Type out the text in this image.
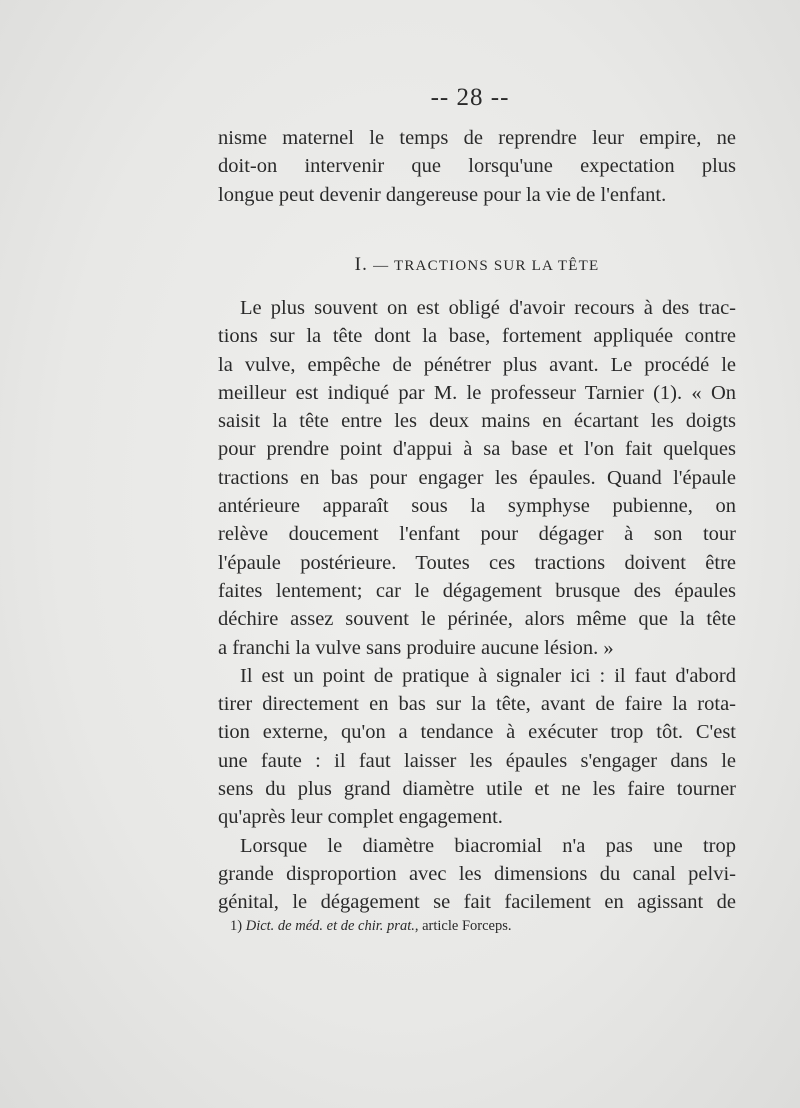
-- 28 --
nisme maternel le temps de reprendre leur empire, ne
doit-on intervenir que lorsqu'une expectation plus
longue peut devenir dangereuse pour la vie de l'enfant.
I. — TRACTIONS SUR LA TÊTE
Le plus souvent on est obligé d'avoir recours à des trac-
tions sur la tête dont la base, fortement appliquée contre
la vulve, empêche de pénétrer plus avant. Le procédé le
meilleur est indiqué par M. le professeur Tarnier (1). « On
saisit la tête entre les deux mains en écartant les doigts
pour prendre point d'appui à sa base et l'on fait quelques
tractions en bas pour engager les épaules. Quand l'épaule
antérieure apparaît sous la symphyse pubienne, on
relève doucement l'enfant pour dégager à son tour
l'épaule postérieure. Toutes ces tractions doivent être
faites lentement; car le dégagement brusque des épaules
déchire assez souvent le périnée, alors même que la tête
a franchi la vulve sans produire aucune lésion. »
Il est un point de pratique à signaler ici : il faut d'abord
tirer directement en bas sur la tête, avant de faire la rota-
tion externe, qu'on a tendance à exécuter trop tôt. C'est
une faute : il faut laisser les épaules s'engager dans le
sens du plus grand diamètre utile et ne les faire tourner
qu'après leur complet engagement.
Lorsque le diamètre biacromial n'a pas une trop
grande disproportion avec les dimensions du canal pelvi-
génital, le dégagement se fait facilement en agissant de
1) Dict. de méd. et de chir. prat., article Forceps.
